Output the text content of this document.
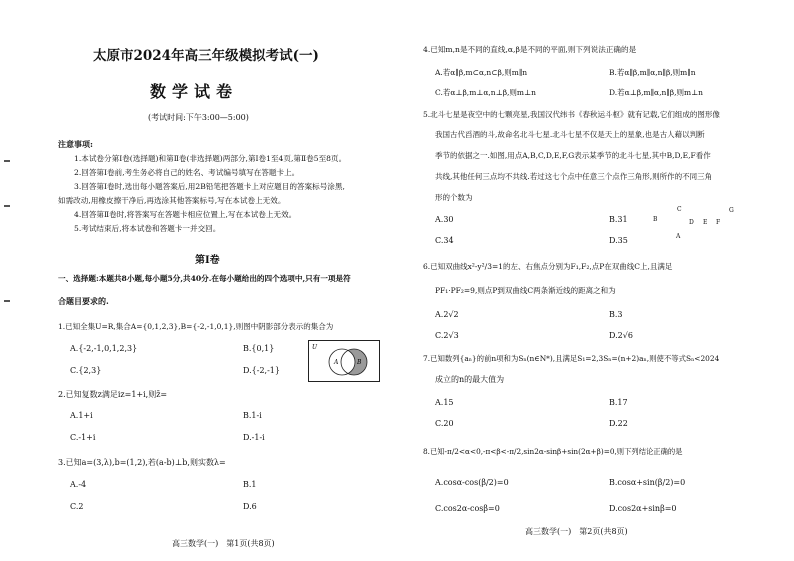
太原市2024年高三年级模拟考试(一)
数学试卷
(考试时间:下午3:00—5:00)
注意事项:
1.本试卷分第Ⅰ卷(选择题)和第Ⅱ卷(非选择题)两部分,第Ⅰ卷1至4页,第Ⅱ卷5至8页。
2.回答第Ⅰ卷前,考生务必将自己的姓名、考试编号填写在答题卡上。
3.回答第Ⅰ卷时,选出每小题答案后,用2B铅笔把答题卡上对应题目的答案标号涂黑,
如需改动,用橡皮擦干净后,再选涂其他答案标号,写在本试卷上无效。
4.回答第Ⅱ卷时,将答案写在答题卡相应位置上,写在本试卷上无效。
5.考试结束后,将本试卷和答题卡一并交回。
第Ⅰ卷
一、选择题:本题共8小题,每小题5分,共40分.在每小题给出的四个选项中,只有一项是符
合题目要求的.
1.已知全集U=R,集合A={0,1,2,3},B={-2,-1,0,1},则图中阴影部分表示的集合为
A.{-2,-1,0,1,2,3}	B.{0,1}
C.{2,3}	D.{-2,-1}
U
A	B
2.已知复数z满足iz=1+i,则z̄=
A.1+i	B.1-i
C.-1+i	D.-1-i
3.已知a=(3,λ),b=(1,2),若(a-b)⊥b,则实数λ=
A.-4	B.1
C.2	D.6
高三数学(一)　第1页(共8页)
4.已知m,n是不同的直线,α,β是不同的平面,则下列说法正确的是
A.若α∥β,m⊂α,n⊂β,则m∥n	B.若α∥β,m∥α,n∥β,则m∥n
C.若α⊥β,m⊥α,n⊥β,则m⊥n	D.若α⊥β,m∥α,n∥β,则m⊥n
5.北斗七星是夜空中的七颗亮星,我国汉代纬书《春秋运斗枢》就有记载,它们组成的图形像
我国古代舀酒的斗,故命名北斗七星.北斗七星不仅是天上的星象,也是古人藉以判断
季节的依据之一.如图,用点A,B,C,D,E,F,G表示某季节的北斗七星,其中B,D,E,F看作
共线,其他任何三点均不共线.若过这七个点中任意三个点作三角形,则所作的不同三角
形的个数为
A.30	B.31
C.34	D.35
B
C
D E F
G
A
6.已知双曲线x²-y²/3=1的左、右焦点分别为F₁,F₂,点P在双曲线C上,且满足
PF₁·PF₂=9,则点P到双曲线C两条渐近线的距离之和为
A.2√2	B.3
C.2√3	D.2√6
7.已知数列{aₙ}的前n项和为Sₙ(n∈N*),且满足S₁=2,3Sₙ=(n+2)aₙ,则使不等式Sₙ<2024
成立的n的最大值为
A.15	B.17
C.20	D.22
8.已知-π/2<α<0,-π<β<-π/2,sin2α-sinβ+sin(2α+β)=0,则下列结论正确的是
A.cosα-cos(β/2)=0	B.cosα+sin(β/2)=0
C.cos2α-cosβ=0	D.cos2α+sinβ=0
高三数学(一)　第2页(共8页)
